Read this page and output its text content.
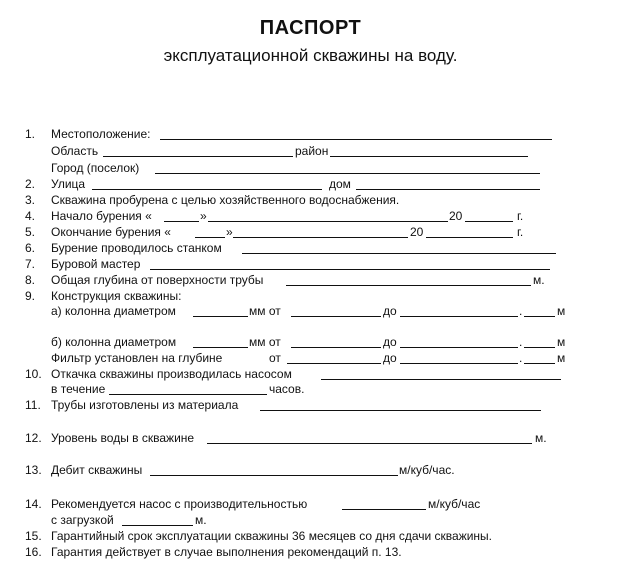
ПАСПОРТ
эксплуатационной скважины на воду.
1. Местоположение:
Область	район
Город (поселок)
2. Улица	дом
3. Скважина пробурена с целью хозяйственного водоснабжения.
4. Начало бурения «	»	20	г.
5. Окончание бурения «	»	20	г.
6. Бурение проводилось станком
7. Буровой мастер
8. Общая глубина от поверхности трубы	м.
9. Конструкция скважины:
а) колонна диаметром	мм от	до	.	м
б) колонна диаметром	мм от	до	.	м
Фильтр установлен на глубине	от	до	.	м
10. Откачка скважины производилась насосом
в течение	часов.
11. Трубы изготовлены из материала
12. Уровень воды в скважине	м.
13. Дебит скважины	м/куб/час.
14. Рекомендуется насос с производительностью	м/куб/час
с загрузкой	м.
15. Гарантийный срок эксплуатации скважины 36 месяцев со дня сдачи скважины.
16. Гарантия действует в случае выполнения рекомендаций п. 13.
